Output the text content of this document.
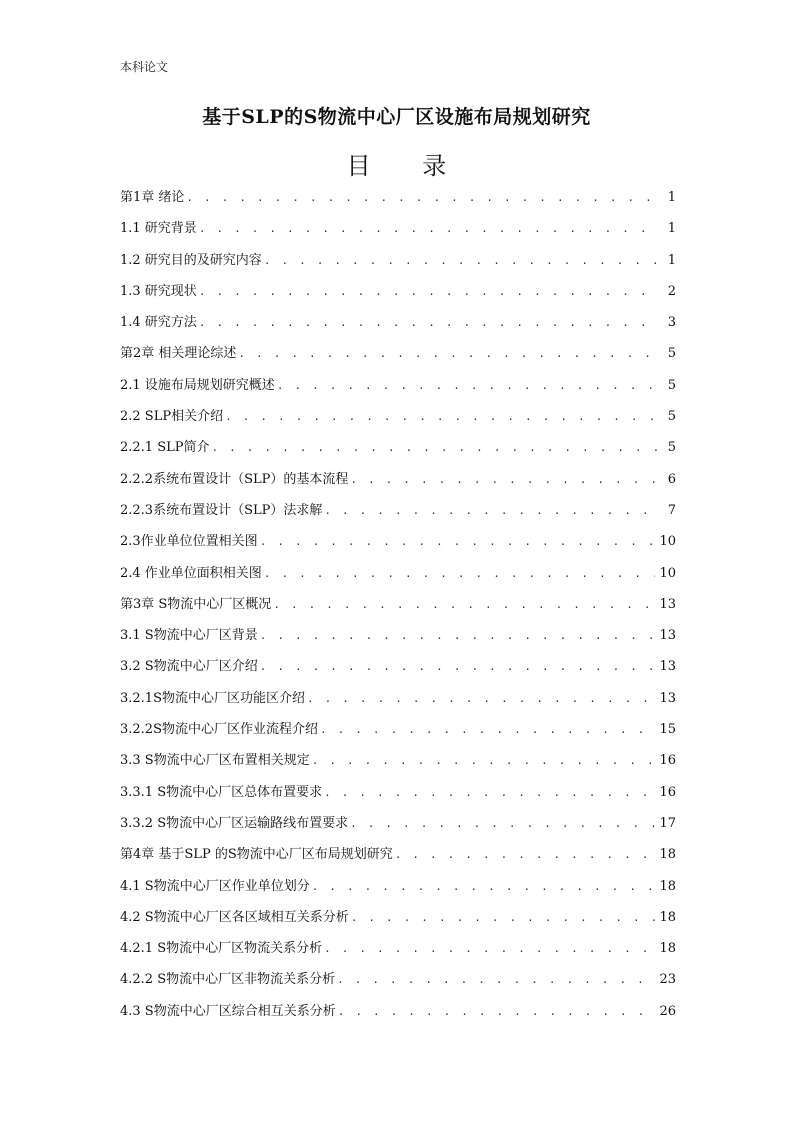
本科论文
基于SLP的S物流中心厂区设施布局规划研究
目 录
第1章 绪论 . . .	1
1.1 研究背景 . . .	1
1.2 研究目的及研究内容 . . .	1
1.3 研究现状 . . .	2
1.4 研究方法 . . .	3
第2章 相关理论综述 . . .	5
2.1 设施布局规划研究概述 . . .	5
2.2 SLP相关介绍 . . .	5
2.2.1 SLP简介 . . .	5
2.2.2系统布置设计（SLP）的基本流程 . . .	6
2.2.3系统布置设计（SLP）法求解 . . .	7
2.3作业单位位置相关图 . . .	10
2.4 作业单位面积相关图 . . .	10
第3章 S物流中心厂区概况 . . .	13
3.1 S物流中心厂区背景 . . .	13
3.2 S物流中心厂区介绍 . . .	13
3.2.1S物流中心厂区功能区介绍 . . .	13
3.2.2S物流中心厂区作业流程介绍 . . .	15
3.3 S物流中心厂区布置相关规定 . . .	16
3.3.1 S物流中心厂区总体布置要求 . . .	16
3.3.2 S物流中心厂区运输路线布置要求 . . .	17
第4章 基于SLP 的S物流中心厂区布局规划研究 . . .	18
4.1 S物流中心厂区作业单位划分 . . .	18
4.2 S物流中心厂区各区域相互关系分析 . . .	18
4.2.1 S物流中心厂区物流关系分析 . . .	18
4.2.2 S物流中心厂区非物流关系分析 . . .	23
4.3 S物流中心厂区综合相互关系分析 . . .	26
